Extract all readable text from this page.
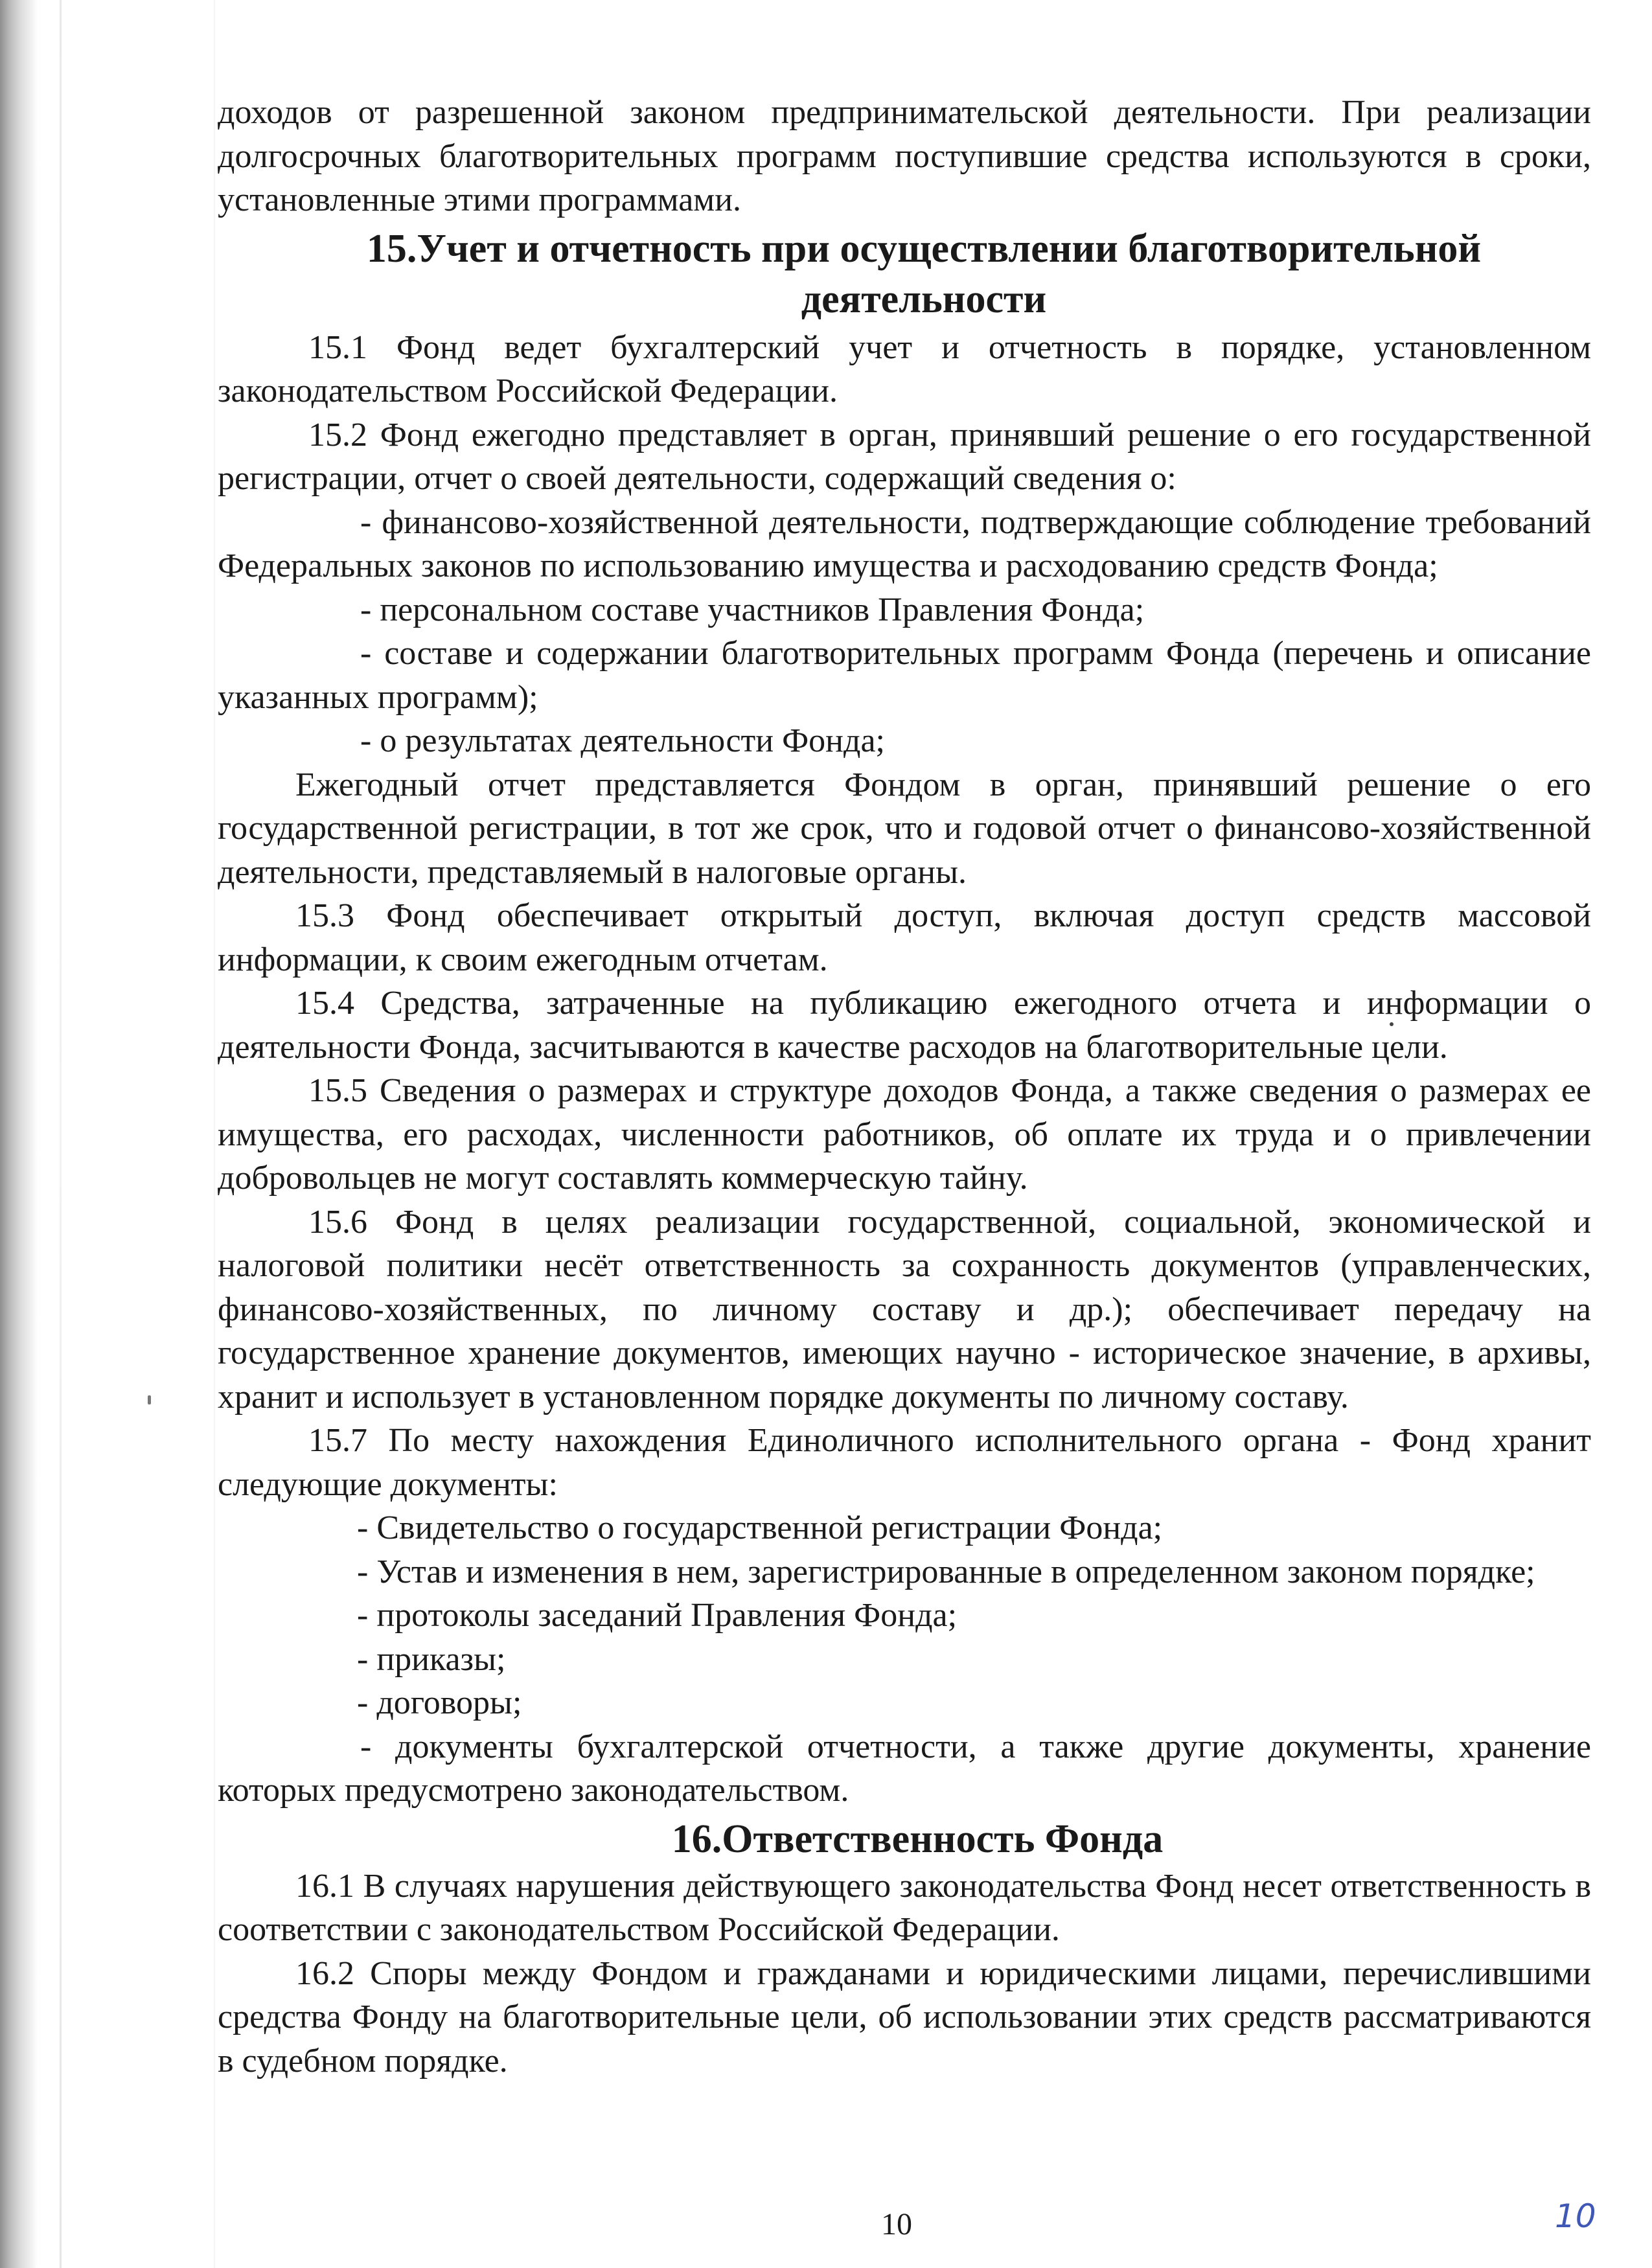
доходов от разрешенной законом предпринимательской деятельности. При реализации долгосрочных благотворительных программ поступившие средства используются в сроки, установленные этими программами.

15.Учет и отчетность при осуществлении благотворительной деятельности

15.1 Фонд ведет бухгалтерский учет и отчетность в порядке, установленном законодательством Российской Федерации.

15.2 Фонд ежегодно представляет в орган, принявший решение о его государственной регистрации, отчет о своей деятельности, содержащий сведения о:

- финансово-хозяйственной деятельности, подтверждающие соблюдение требований Федеральных законов по использованию имущества и расходованию средств Фонда;

- персональном составе участников Правления Фонда;

- составе и содержании благотворительных программ Фонда (перечень и описание указанных программ);

- о результатах деятельности Фонда;

Ежегодный отчет представляется Фондом в орган, принявший решение о его государственной регистрации, в тот же срок, что и годовой отчет о финансово-хозяйственной деятельности, представляемый в налоговые органы.

15.3 Фонд обеспечивает открытый доступ, включая доступ средств массовой информации, к своим ежегодным отчетам.

15.4 Средства, затраченные на публикацию ежегодного отчета и информации о деятельности Фонда, засчитываются в качестве расходов на благотворительные цели.

15.5 Сведения о размерах и структуре доходов Фонда, а также сведения о размерах ее имущества, его расходах, численности работников, об оплате их труда и о привлечении добровольцев не могут составлять коммерческую тайну.

15.6 Фонд в целях реализации государственной, социальной, экономической и налоговой политики несёт ответственность за сохранность документов (управленческих, финансово-хозяйственных, по личному составу и др.); обеспечивает передачу на государственное хранение документов, имеющих научно - историческое значение, в архивы, хранит и использует в установленном порядке документы по личному составу.

15.7 По месту нахождения Единоличного исполнительного органа - Фонд хранит следующие документы:

- Свидетельство о государственной регистрации Фонда;

- Устав и изменения в нем, зарегистрированные в определенном законом порядке;

- протоколы заседаний Правления Фонда;

- приказы;

- договоры;

- документы бухгалтерской отчетности, а также другие документы, хранение которых предусмотрено законодательством.

16.Ответственность Фонда

16.1 В случаях нарушения действующего законодательства Фонд несет ответственность в соответствии с законодательством Российской Федерации.

16.2 Споры между Фондом и гражданами и юридическими лицами, перечислившими средства Фонду на благотворительные цели, об использовании этих средств рассматриваются в судебном порядке.

10	10
